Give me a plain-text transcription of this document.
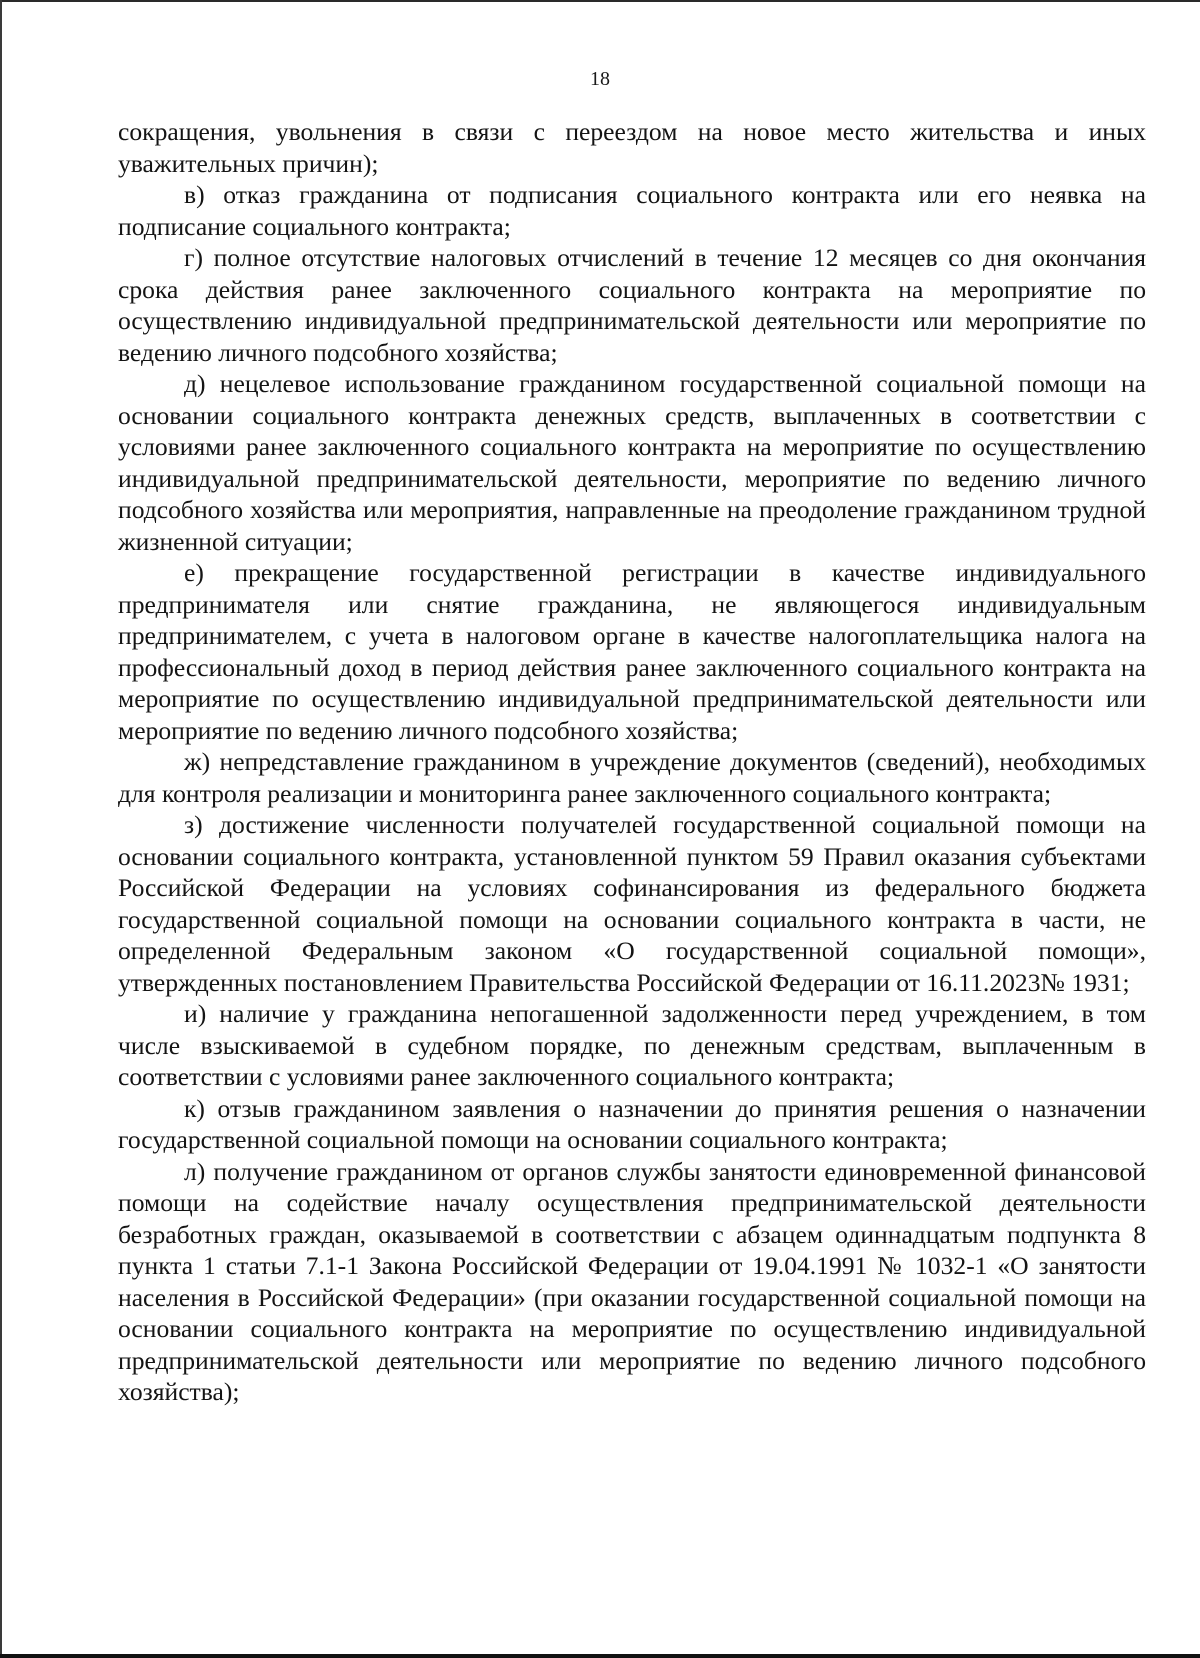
18

сокращения, увольнения в связи с переездом на новое место жительства и иных уважительных причин);

в) отказ гражданина от подписания социального контракта или его неявка на подписание социального контракта;

г) полное отсутствие налоговых отчислений в течение 12 месяцев со дня окончания срока действия ранее заключенного социального контракта на мероприятие по осуществлению индивидуальной предпринимательской деятельности или мероприятие по ведению личного подсобного хозяйства;

д) нецелевое использование гражданином государственной социальной помощи на основании социального контракта денежных средств, выплаченных в соответствии с условиями ранее заключенного социального контракта на мероприятие по осуществлению индивидуальной предпринимательской деятельности, мероприятие по ведению личного подсобного хозяйства или мероприятия, направленные на преодоление гражданином трудной жизненной ситуации;

е) прекращение государственной регистрации в качестве индивидуального предпринимателя или снятие гражданина, не являющегося индивидуальным предпринимателем, с учета в налоговом органе в качестве налогоплательщика налога на профессиональный доход в период действия ранее заключенного социального контракта на мероприятие по осуществлению индивидуальной предпринимательской деятельности или мероприятие по ведению личного подсобного хозяйства;

ж) непредставление гражданином в учреждение документов (сведений), необходимых для контроля реализации и мониторинга ранее заключенного социального контракта;

з) достижение численности получателей государственной социальной помощи на основании социального контракта, установленной пунктом 59 Правил оказания субъектами Российской Федерации на условиях софинансирования из федерального бюджета государственной социальной помощи на основании социального контракта в части, не определенной Федеральным законом «О государственной социальной помощи», утвержденных постановлением Правительства Российской Федерации от 16.11.2023№ 1931;

и) наличие у гражданина непогашенной задолженности перед учреждением, в том числе взыскиваемой в судебном порядке, по денежным средствам, выплаченным в соответствии с условиями ранее заключенного социального контракта;

к) отзыв гражданином заявления о назначении до принятия решения о назначении государственной социальной помощи на основании социального контракта;

л) получение гражданином от органов службы занятости единовременной финансовой помощи на содействие началу осуществления предпринимательской деятельности безработных граждан, оказываемой в соответствии с абзацем одиннадцатым подпункта 8 пункта 1 статьи 7.1-1 Закона Российской Федерации от 19.04.1991 № 1032-1 «О занятости населения в Российской Федерации» (при оказании государственной социальной помощи на основании социального контракта на мероприятие по осуществлению индивидуальной предпринимательской деятельности или мероприятие по ведению личного подсобного хозяйства);
